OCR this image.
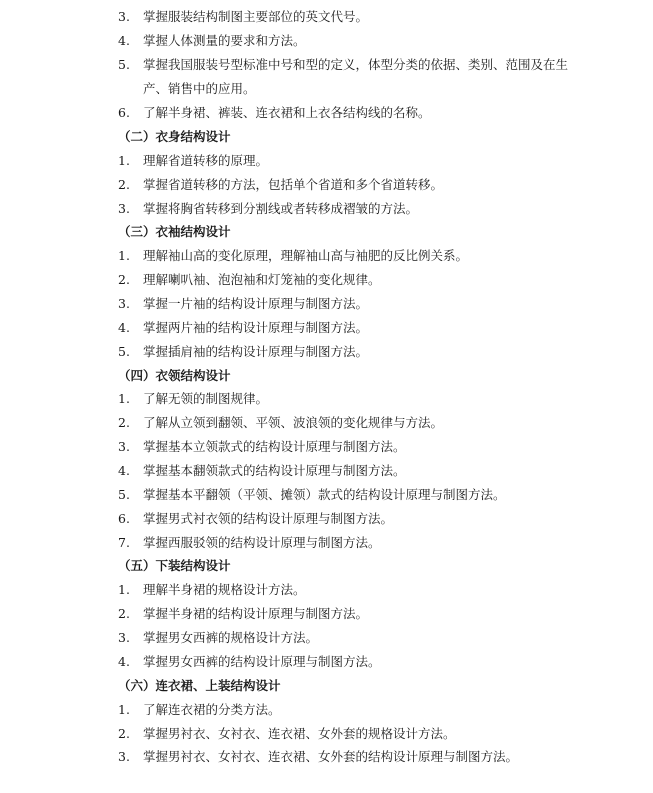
3. 掌握服装结构制图主要部位的英文代号。
4. 掌握人体测量的要求和方法。
5. 掌握我国服装号型标准中号和型的定义，体型分类的依据、类别、范围及在生
产、销售中的应用。
6. 了解半身裙、裤装、连衣裙和上衣各结构线的名称。
（二）衣身结构设计
1. 理解省道转移的原理。
2. 掌握省道转移的方法，包括单个省道和多个省道转移。
3. 掌握将胸省转移到分割线或者转移成褶皱的方法。
（三）衣袖结构设计
1. 理解袖山高的变化原理，理解袖山高与袖肥的反比例关系。
2. 理解喇叭袖、泡泡袖和灯笼袖的变化规律。
3. 掌握一片袖的结构设计原理与制图方法。
4. 掌握两片袖的结构设计原理与制图方法。
5. 掌握插肩袖的结构设计原理与制图方法。
（四）衣领结构设计
1. 了解无领的制图规律。
2. 了解从立领到翻领、平领、波浪领的变化规律与方法。
3. 掌握基本立领款式的结构设计原理与制图方法。
4. 掌握基本翻领款式的结构设计原理与制图方法。
5. 掌握基本平翻领（平领、摊领）款式的结构设计原理与制图方法。
6. 掌握男式衬衣领的结构设计原理与制图方法。
7. 掌握西服驳领的结构设计原理与制图方法。
（五）下装结构设计
1. 理解半身裙的规格设计方法。
2. 掌握半身裙的结构设计原理与制图方法。
3. 掌握男女西裤的规格设计方法。
4. 掌握男女西裤的结构设计原理与制图方法。
（六）连衣裙、上装结构设计
1. 了解连衣裙的分类方法。
2. 掌握男衬衣、女衬衣、连衣裙、女外套的规格设计方法。
3. 掌握男衬衣、女衬衣、连衣裙、女外套的结构设计原理与制图方法。
